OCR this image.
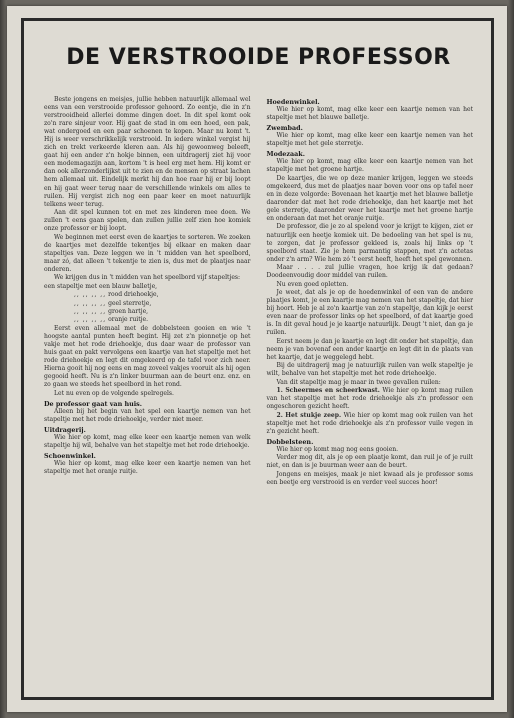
DE VERSTROOIDE PROFESSOR

Beste jongens en meisjes, jullie hebben natuurlijk allemaal wel eens van een verstrooide professor gehoord. Zo eentje, die in z'n verstrooidheid allerlei domme dingen doet. In dit spel komt ook zo'n rare sinjeur voor. Hij gaat de stad in om een hoed, een pak, wat ondergoed en een paar schoenen te kopen. Maar nu komt 't. Hij is weer verschrikkelijk verstrooid. In iedere winkel vergist hij zich en trekt verkeerde kleren aan. Als hij gewoonweg beleeft, gaat hij een ander z'n hokje binnen, een uitdragerij ziet hij voor een modemagazijn aan, kortom 't is heel erg met hem. Hij komt er dan ook allerzonderlijkst uit te zien en de mensen op straat lachen hem allemaal uit. Eindelijk merkt hij dan hoe raar hij er bij loopt en hij gaat weer terug naar de verschillende winkels om alles te ruilen. Hij vergist zich nog een paar keer en moet natuurlijk telkens weer terug.

Aan dit spel kunnen tot en met zes kinderen mee doen. We zullen 't eens gaan spelen, dan zullen jullie zelf zien hoe komiek onze professor er bij loopt.

We beginnen met eerst even de kaartjes te sorteren. We zoeken de kaartjes met dezelfde tekentjes bij elkaar en maken daar stapeltjes van. Deze leggen we in 't midden van het speelbord, maar zó, dat alleen 't tekentje te zien is, dus met de plaatjes naar onderen.

We krijgen dus in 't midden van het speelbord vijf stapeltjes:

een stapeltje met een blauw balletje,

,, ,, ,, ,, rood driehoekje,

,, ,, ,, ,, geel sterretje,

,, ,, ,, ,, groen hartje,

,, ,, ,, ,, oranje ruitje.

Eerst even allemaal met de dobbelsteen gooien en wie 't hoogste aantal punten heeft begint. Hij zet z'n pionnetje op het vakje met het rode driehoekje, dus daar waar de professor van huis gaat en pakt vervolgens een kaartje van het stapeltje met het rode driehoekje en legt dit omgekeerd op de tafel voor zich neer. Hierna gooit hij nog eens en mag zoveel vakjes vooruit als hij ogen gegooid heeft. Nu is z'n linker buurman aan de beurt enz. enz. en zo gaan we steeds het speelbord in het rond.

Let nu even op de volgende spelregels.

De professor gaat van huis.

Alleen bij het begin van het spel een kaartje nemen van het stapeltje met het rode driehoekje, verder niet meer.

Uitdragerij.

Wie hier op komt, mag elke keer een kaartje nemen van welk stapeltje hij wil, behalve van het stapeltje met het rode driehoekje.

Schoenwinkel.

Wie hier op komt, mag elke keer een kaartje nemen van het stapeltje met het oranje ruitje.

Hoedenwinkel.

Wie hier op komt, mag elke keer een kaartje nemen van het stapeltje met het blauwe balletje.

Zwembad.

Wie hier op komt, mag elke keer een kaartje nemen van het stapeltje met het gele sterretje.

Modezaak.

Wie hier op komt, mag elke keer een kaartje nemen van het stapeltje met het groene hartje.

De kaartjes, die we op deze manier krijgen, leggen we steeds omgekeerd, dus met de plaatjes naar boven voor ons op tafel neer en in deze volgorde: Bovenaan het kaartje met het blauwe balletje daaronder dat met het rode driehoekje, dan het kaartje met het gele sterretje, daaronder weer het kaartje met het groene hartje en onderaan dat met het oranje ruitje.

De professor, die je zo al spelend voor je krijgt te kijgen, ziet er natuurlijk een heetje komiek uit. De bedoeling van het spel is nu, te zorgen, dat je professor gekleed is, zoals hij links op 't speelbord staat. Zie je hem parmantig stappen, met z'n actetas onder z'n arm? Wie hem zó 't eerst heeft, heeft het spel gewonnen.

Maar . . . . zul jullie vragen, hoe krijg ik dat gedaan? Doodeenvoudig door middel van ruilen.

Nu even goed opletten.

Je weet, dat als je op de hoedenwinkel of een van de andere plaatjes komt, je een kaartje mag nemen van het stapeltje, dat hier bij hoort. Heb je al zo'n kaartje van zo'n stapeltje, dan kijk je eerst even naar de professor links op het speelbord, of dat kaartje goed is. In dit geval houd je je kaartje natuurlijk. Deugt 't niet, dan ga je ruilen.

Eerst neem je dan je kaartje en legt dit onder het stapeltje, dan neem je van bovenaf een ander kaartje en legt dit in de plaats van het kaartje, dat je weggelegd hebt.

Bij de uitdragerij mag je natuurlijk ruilen van welk stapeltje je wilt, behalve van het stapeltje met het rode driehoekje.

Van dit stapeltje mag je maar in twee gevallen ruilen:

1. Scheermes en scheerkwast. Wie hier op komt mag ruilen van het stapeltje met het rode driehoekje als z'n professor een ongeschoren gezicht heeft.

2. Het stukje zeep. Wie hier op komt mag ook ruilen van het stapeltje met het rode driehoekje als z'n professor vuile vegen in z'n gezicht heeft.

Dobbelsteen.

Wie hier op komt mag nog eens gooien.

Verder mog dit, als je op een plaatje komt, dan ruil je of je ruilt niet, en dan is je buurman weer aan de beurt.

Jongens en meisjes, maak je niet kwaad als je professor soms een beetje erg verstrooid is en verder veel succes hoor!
